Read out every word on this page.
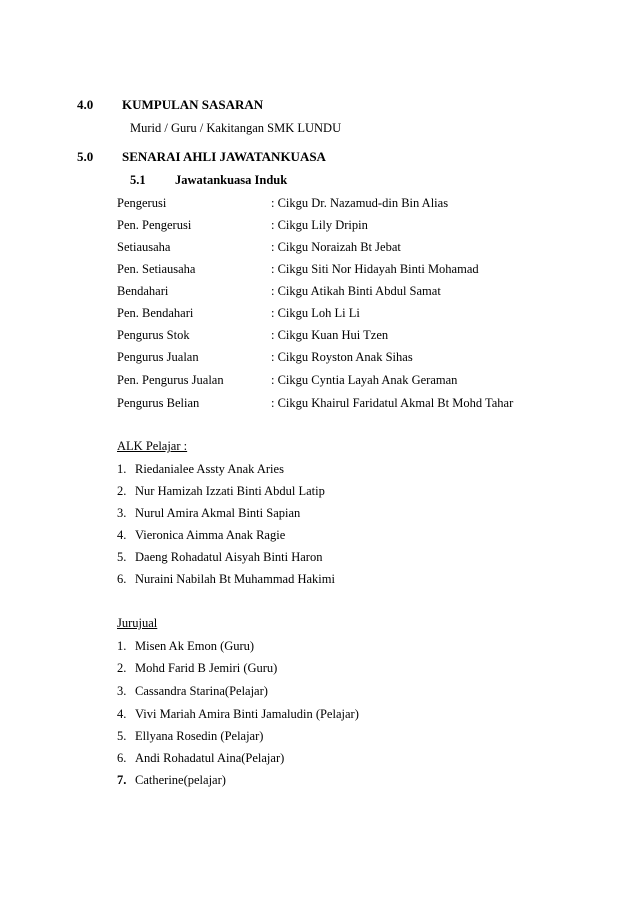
4.0 KUMPULAN SASARAN
Murid / Guru / Kakitangan SMK LUNDU
5.0 SENARAI AHLI JAWATANKUASA
5.1 Jawatankuasa Induk
Pengerusi	: Cikgu Dr. Nazamud-din Bin Alias
Pen. Pengerusi	: Cikgu Lily Dripin
Setiausaha	: Cikgu Noraizah Bt Jebat
Pen. Setiausaha	: Cikgu Siti Nor Hidayah Binti Mohamad
Bendahari	: Cikgu Atikah Binti Abdul Samat
Pen. Bendahari	: Cikgu Loh Li Li
Pengurus Stok	: Cikgu Kuan Hui Tzen
Pengurus Jualan	: Cikgu Royston Anak Sihas
Pen. Pengurus Jualan	: Cikgu Cyntia Layah Anak Geraman
Pengurus Belian	: Cikgu Khairul Faridatul Akmal Bt Mohd Tahar
ALK Pelajar :
1. Riedanialee Assty Anak Aries
2. Nur Hamizah Izzati Binti Abdul Latip
3. Nurul Amira Akmal Binti Sapian
4. Vieronica Aimma Anak Ragie
5. Daeng Rohadatul Aisyah Binti Haron
6. Nuraini Nabilah Bt Muhammad Hakimi
Jurujual
1. Misen Ak Emon (Guru)
2. Mohd Farid B Jemiri (Guru)
3. Cassandra Starina(Pelajar)
4. Vivi Mariah Amira Binti Jamaludin (Pelajar)
5. Ellyana Rosedin (Pelajar)
6. Andi Rohadatul Aina(Pelajar)
7. Catherine(pelajar)
